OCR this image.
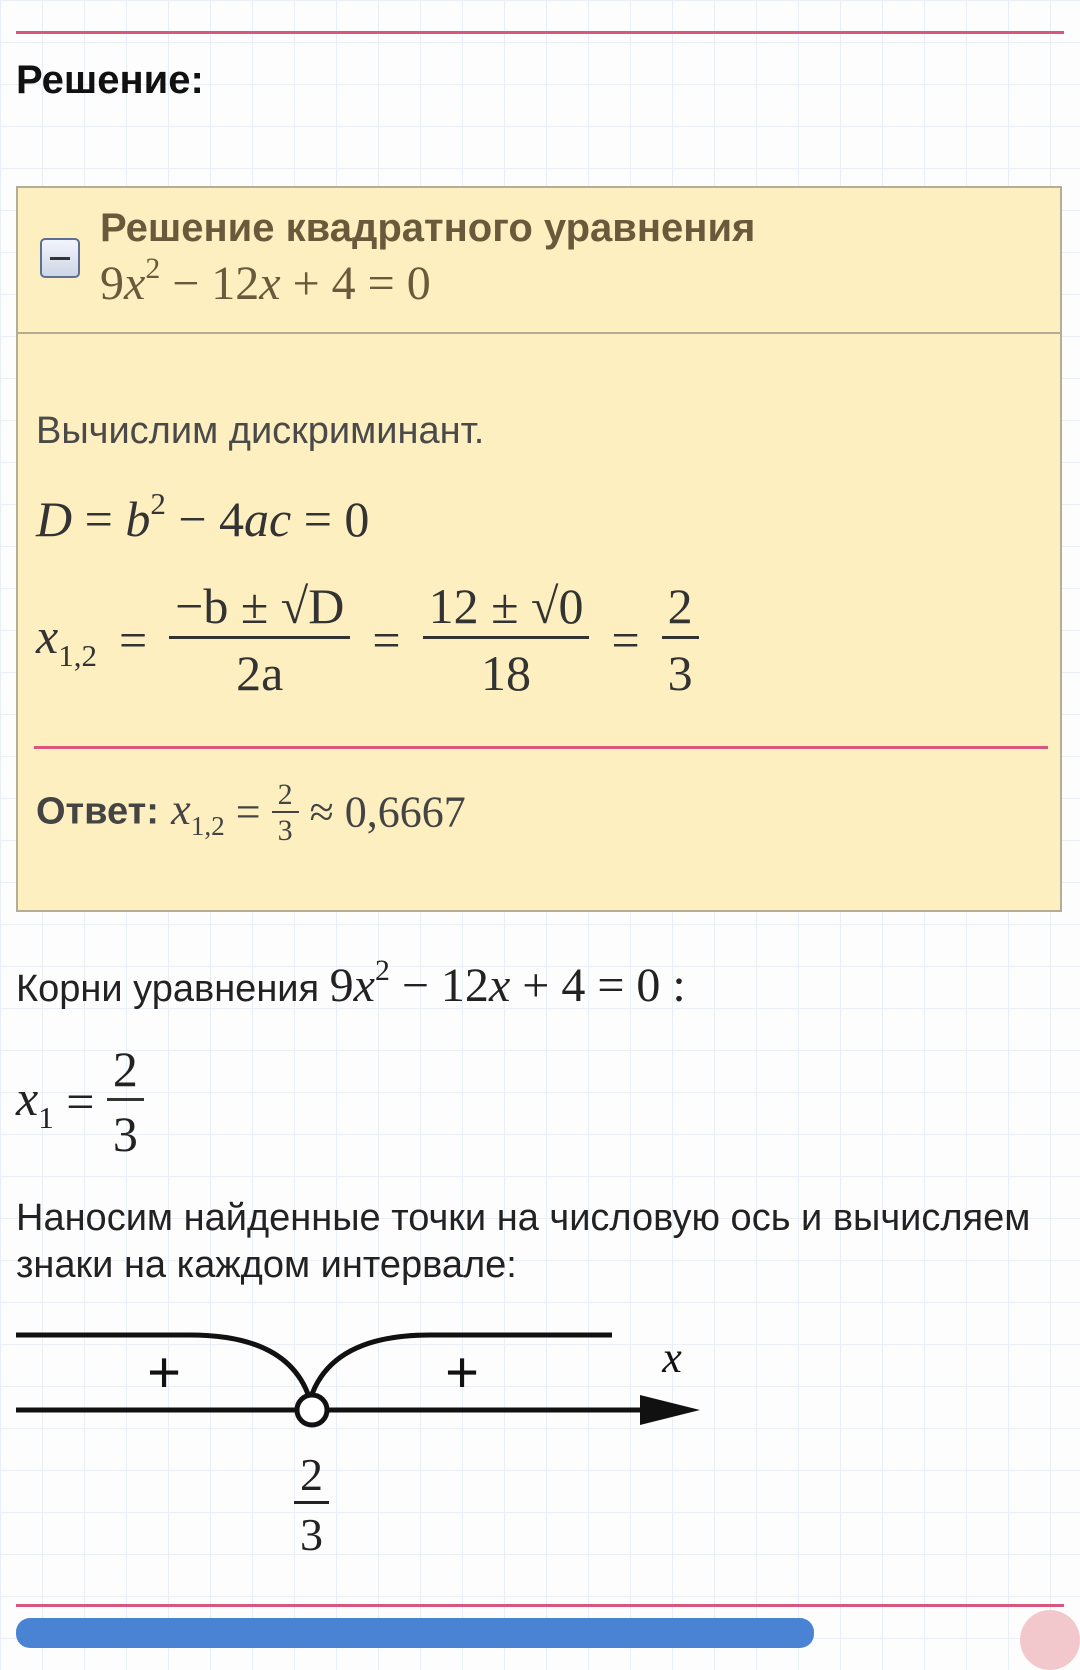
Решение:
Решение квадратного уравнения
$9x^2 - 12x + 4 = 0$
Вычислим дискриминант.
$D = b^2 - 4ac = 0$
$x_{1,2} = \frac{-b \pm √D}{2a} = \frac{12 \pm √0}{18} = \frac{2}{3}$
Ответ: $x_{1,2} = \frac{2}{3} \approx 0,6667$
Корни уравнения $9x^2 - 12x + 4 = 0$ :
$x_1 = \frac{2}{3}$
Наносим найденные точки на числовую ось и вычисляем знаки на каждом интервале:
+	+	x
$\frac{2}{3}$
